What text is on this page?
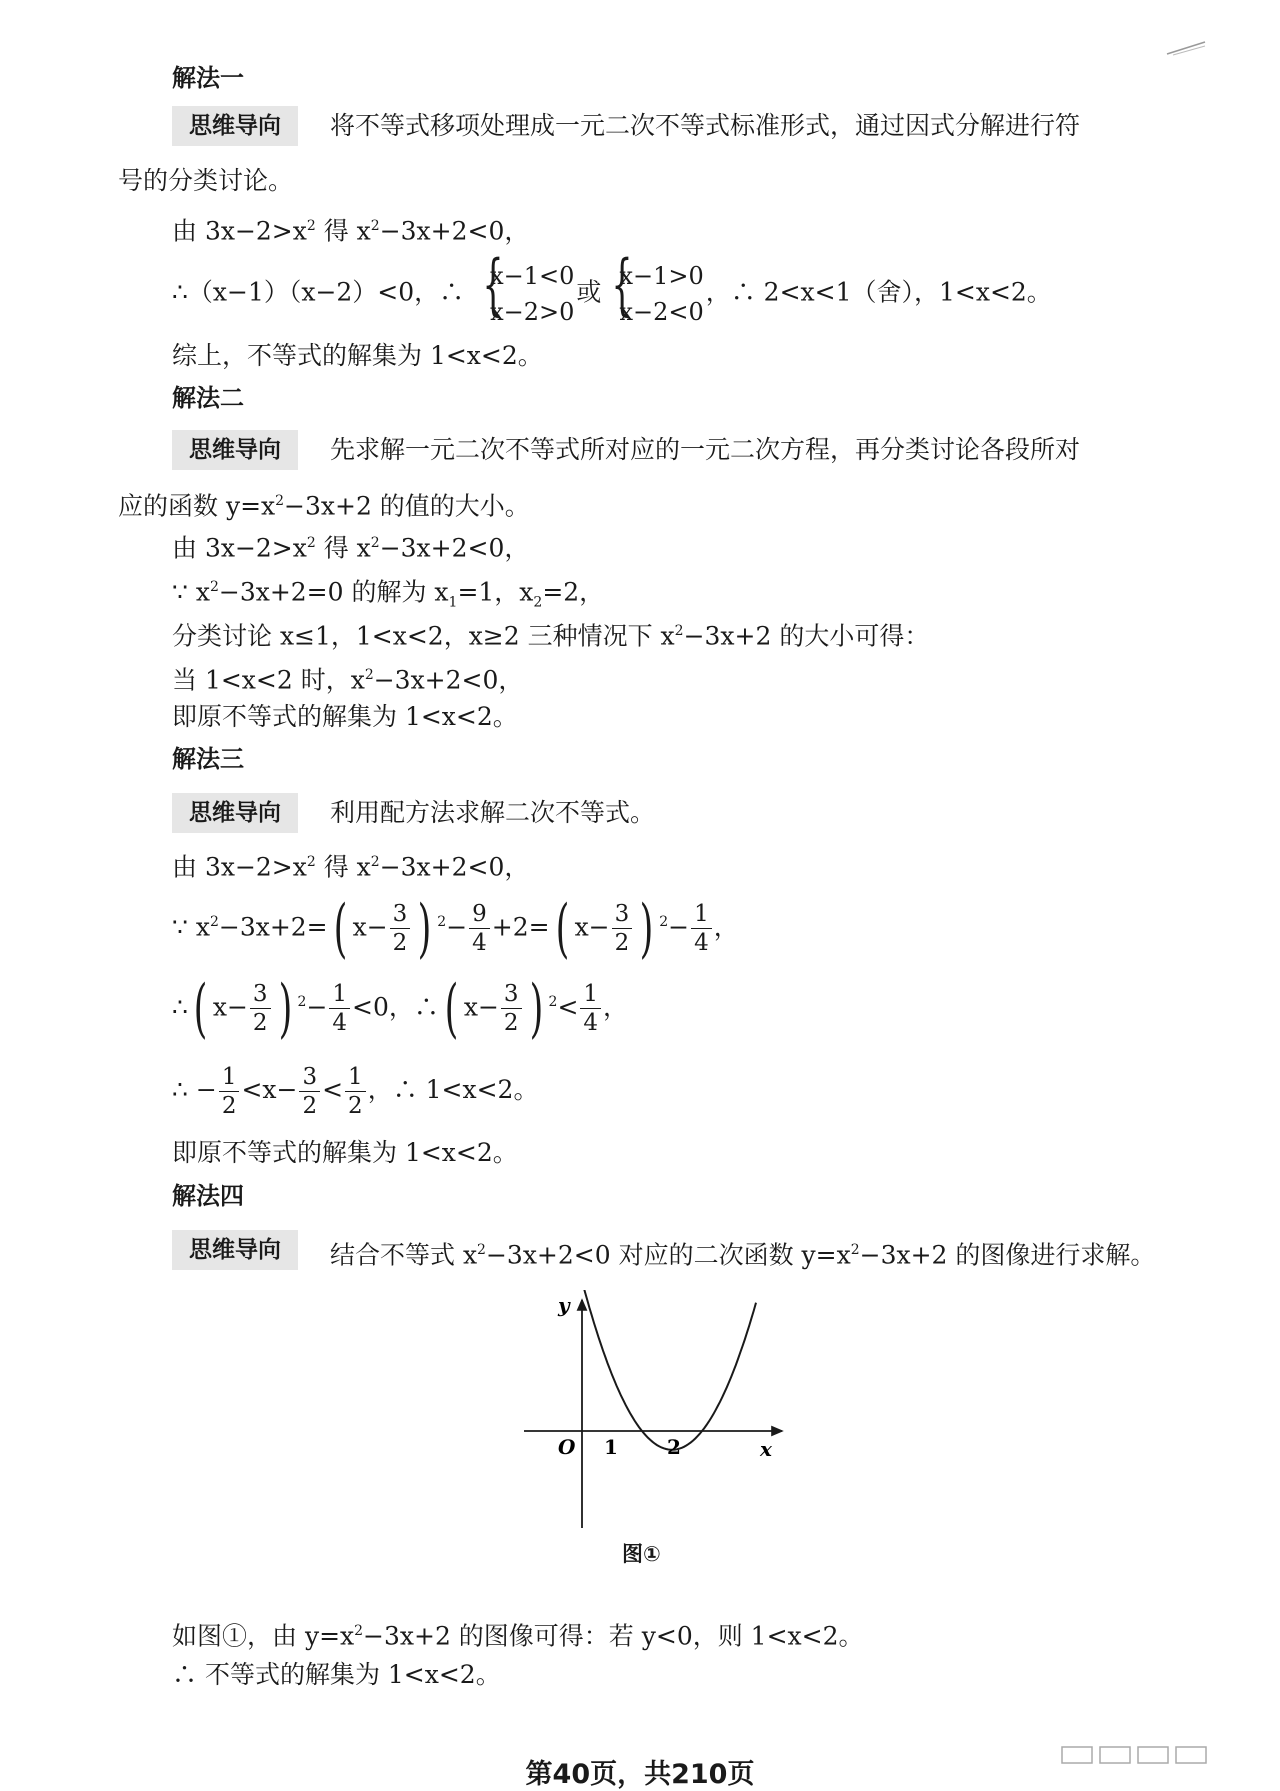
解法一
思维导向	将不等式移项处理成一元二次不等式标准形式，通过因式分解进行符
号的分类讨论。
由 $3x-2>x^2$ 得 $x^2-3x+2<0$，
∴（x−1）（x−2）<0，∴ {
x−1<0
x−2>0
或 {
x−1>0
x−2<0
，∴ 2<x<1（舍），1<x<2。
综上，不等式的解集为 1<x<2。
解法二
思维导向	先求解一元二次不等式所对应的一元二次方程，再分类讨论各段所对
应的函数 $y=x^2-3x+2$ 的值的大小。
由 $3x-2>x^2$ 得 $x^2-3x+2<0$，
∵ $x^2-3x+2=0$ 的解为 $x_1=1$，$x_2=2$，
分类讨论 x≤1，1<x<2，x≥2 三种情况下 $x^2-3x+2$ 的大小可得：
当 1<x<2 时，$x^2-3x+2<0$，
即原不等式的解集为 1<x<2。
解法三
思维导向	利用配方法求解二次不等式。
由 $3x-2>x^2$ 得 $x^2-3x+2<0$，
∵ $x^2-3x+2=$( $x- \frac{3}{2}$ ) $^2- \frac{9}{4} +2=$( $x- \frac{3}{2}$ ) $^2- \frac{1}{4}$ ，
∴( $x- \frac{3}{2}$ ) $^2- \frac{1}{4} <0$，∴( $x- \frac{3}{2}$ ) $^2< \frac{1}{4}$ ，
∴ − $\frac{1}{2} <x- \frac{3}{2} < \frac{1}{2}$ ，∴ 1<x<2。
即原不等式的解集为 1<x<2。
解法四
思维导向	结合不等式 $x^2-3x+2<0$ 对应的二次函数 $y=x^2-3x+2$ 的图像进行求解。
y
x
O 1 2
图①
如图①，由 $y=x^2-3x+2$ 的图像可得：若 y<0，则 1<x<2。
∴ 不等式的解集为 1<x<2。
第40页，共210页
